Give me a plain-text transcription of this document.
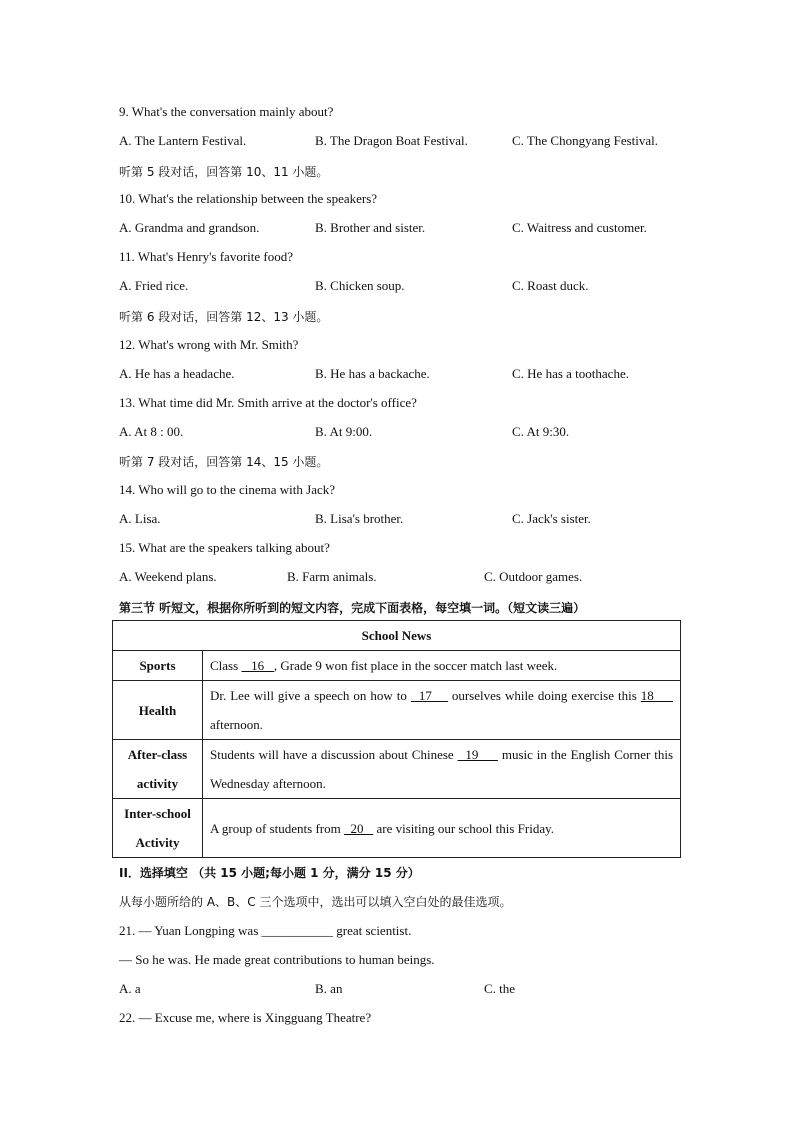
9. What's the conversation mainly about?
A. The Lantern Festival.	B. The Dragon Boat Festival.	C. The Chongyang Festival.
听第 5 段对话，回答第 10、11 小题。
10. What's the relationship between the speakers?
A. Grandma and grandson.	B. Brother and sister.	C. Waitress and customer.
11. What's Henry's favorite food?
A. Fried rice.	B. Chicken soup.	C. Roast duck.
听第 6 段对话，回答第 12、13 小题。
12. What's wrong with Mr. Smith?
A. He has a headache.	B. He has a backache.	C. He has a toothache.
13. What time did Mr. Smith arrive at the doctor's office?
A. At 8 : 00.	B. At 9:00.	C. At 9:30.
听第 7 段对话，回答第 14、15 小题。
14. Who will go to the cinema with Jack?
A. Lisa.	B. Lisa's brother.	C. Jack's sister.
15. What are the speakers talking about?
A. Weekend plans.	B. Farm animals.	C. Outdoor games.
第三节 听短文，根据你所听到的短文内容，完成下面表格，每空填一词。（短文读三遍）
School News	
Sports	Class    16   , Grade 9 won fist place in the soccer match last week.
Health	Dr. Lee will give a speech on how to   17     ourselves while doing exercise this 18      afternoon.
After-class activity	Students will have a discussion about Chinese   19      music in the English Corner this Wednesday afternoon.
Inter-school Activity	A group of students from   20    are visiting our school this Friday.
II．选择填空 （共 15 小题;每小题 1 分，满分 15 分）
从每小题所给的 A、B、C 三个选项中，选出可以填入空白处的最佳选项。
21. — Yuan Longping was ___________ great scientist.
— So he was. He made great contributions to human beings.
A. a	B. an	C. the
22. — Excuse me, where is Xingguang Theatre?
